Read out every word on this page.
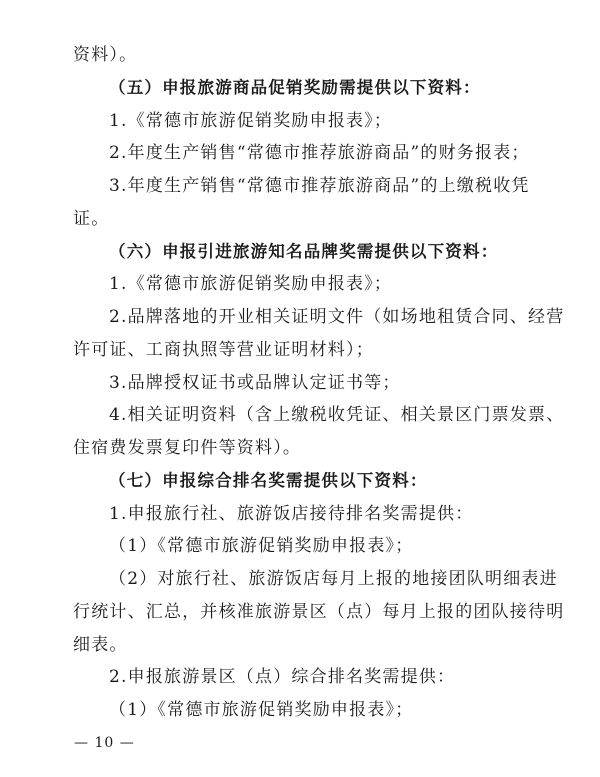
资料）。
（五）申报旅游商品促销奖励需提供以下资料：
1.《常德市旅游促销奖励申报表》；
2.年度生产销售“常德市推荐旅游商品”的财务报表；
3.年度生产销售“常德市推荐旅游商品”的上缴税收凭
证。
（六）申报引进旅游知名品牌奖需提供以下资料：
1.《常德市旅游促销奖励申报表》；
2.品牌落地的开业相关证明文件（如场地租赁合同、经营
许可证、工商执照等营业证明材料）；
3.品牌授权证书或品牌认定证书等；
4.相关证明资料（含上缴税收凭证、相关景区门票发票、
住宿费发票复印件等资料）。
（七）申报综合排名奖需提供以下资料：
1.申报旅行社、旅游饭店接待排名奖需提供：
（1）《常德市旅游促销奖励申报表》；
（2）对旅行社、旅游饭店每月上报的地接团队明细表进
行统计、汇总，并核准旅游景区（点）每月上报的团队接待明
细表。
2.申报旅游景区（点）综合排名奖需提供：
（1）《常德市旅游促销奖励申报表》；
— 10 —
